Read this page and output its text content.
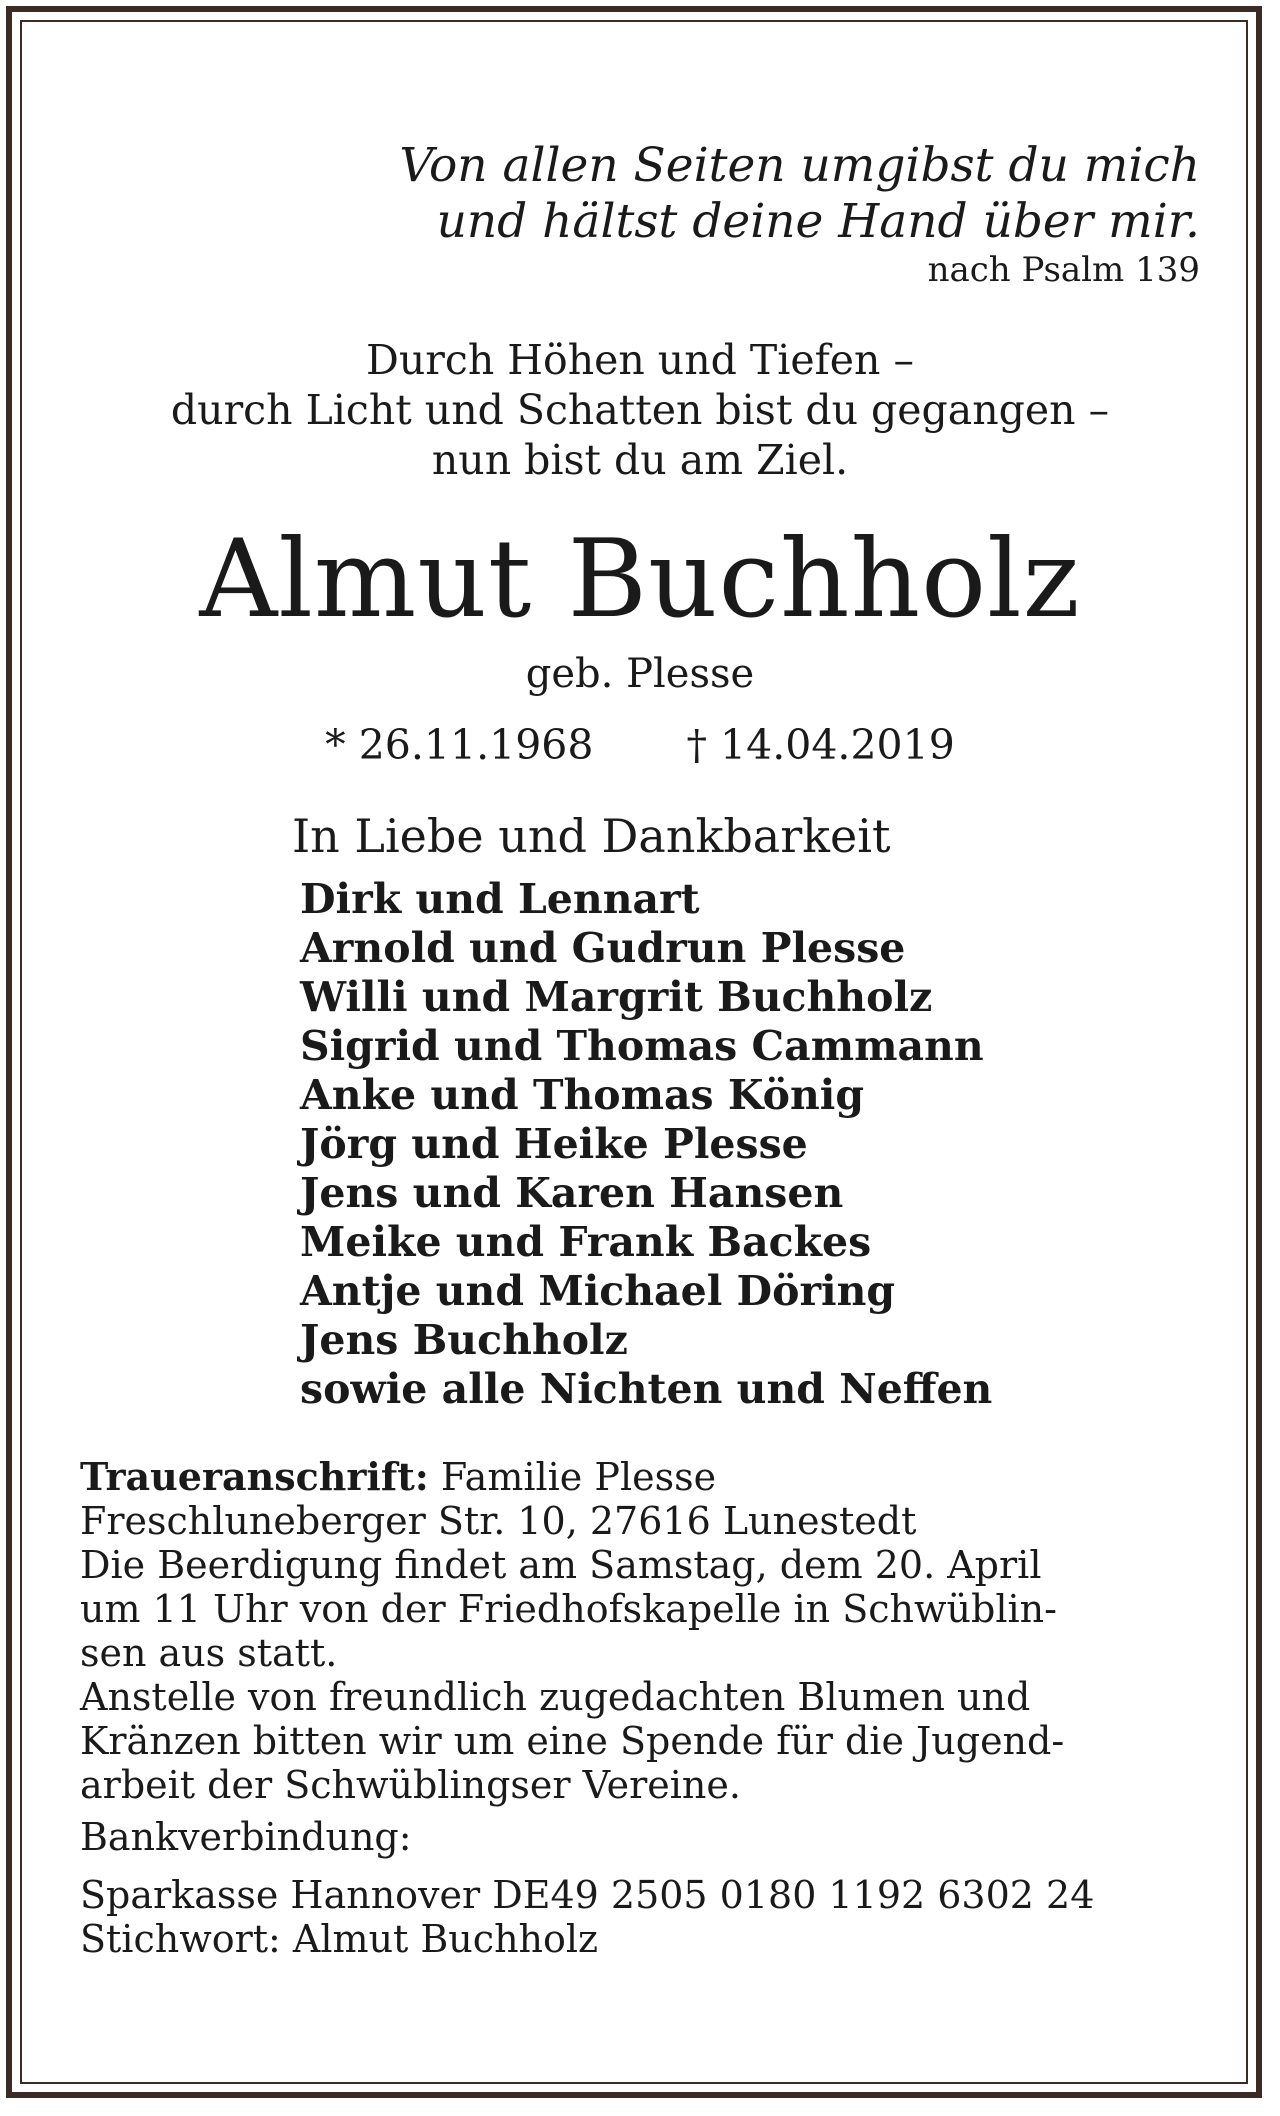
Von allen Seiten umgibst du mich
und hältst deine Hand über mir.
nach Psalm 139
Durch Höhen und Tiefen –
durch Licht und Schatten bist du gegangen –
nun bist du am Ziel.
Almut Buchholz
geb. Plesse
* 26.11.1968 † 14.04.2019
In Liebe und Dankbarkeit
Dirk und Lennart
Arnold und Gudrun Plesse
Willi und Margrit Buchholz
Sigrid und Thomas Cammann
Anke und Thomas König
Jörg und Heike Plesse
Jens und Karen Hansen
Meike und Frank Backes
Antje und Michael Döring
Jens Buchholz
sowie alle Nichten und Neffen
Traueranschrift: Familie Plesse
Freschluneberger Str. 10, 27616 Lunestedt
Die Beerdigung findet am Samstag, dem 20. April
um 11 Uhr von der Friedhofskapelle in Schwüblin-
sen aus statt.
Anstelle von freundlich zugedachten Blumen und
Kränzen bitten wir um eine Spende für die Jugend-
arbeit der Schwüblingser Vereine.
Bankverbindung:
Sparkasse Hannover DE49 2505 0180 1192 6302 24
Stichwort: Almut Buchholz
